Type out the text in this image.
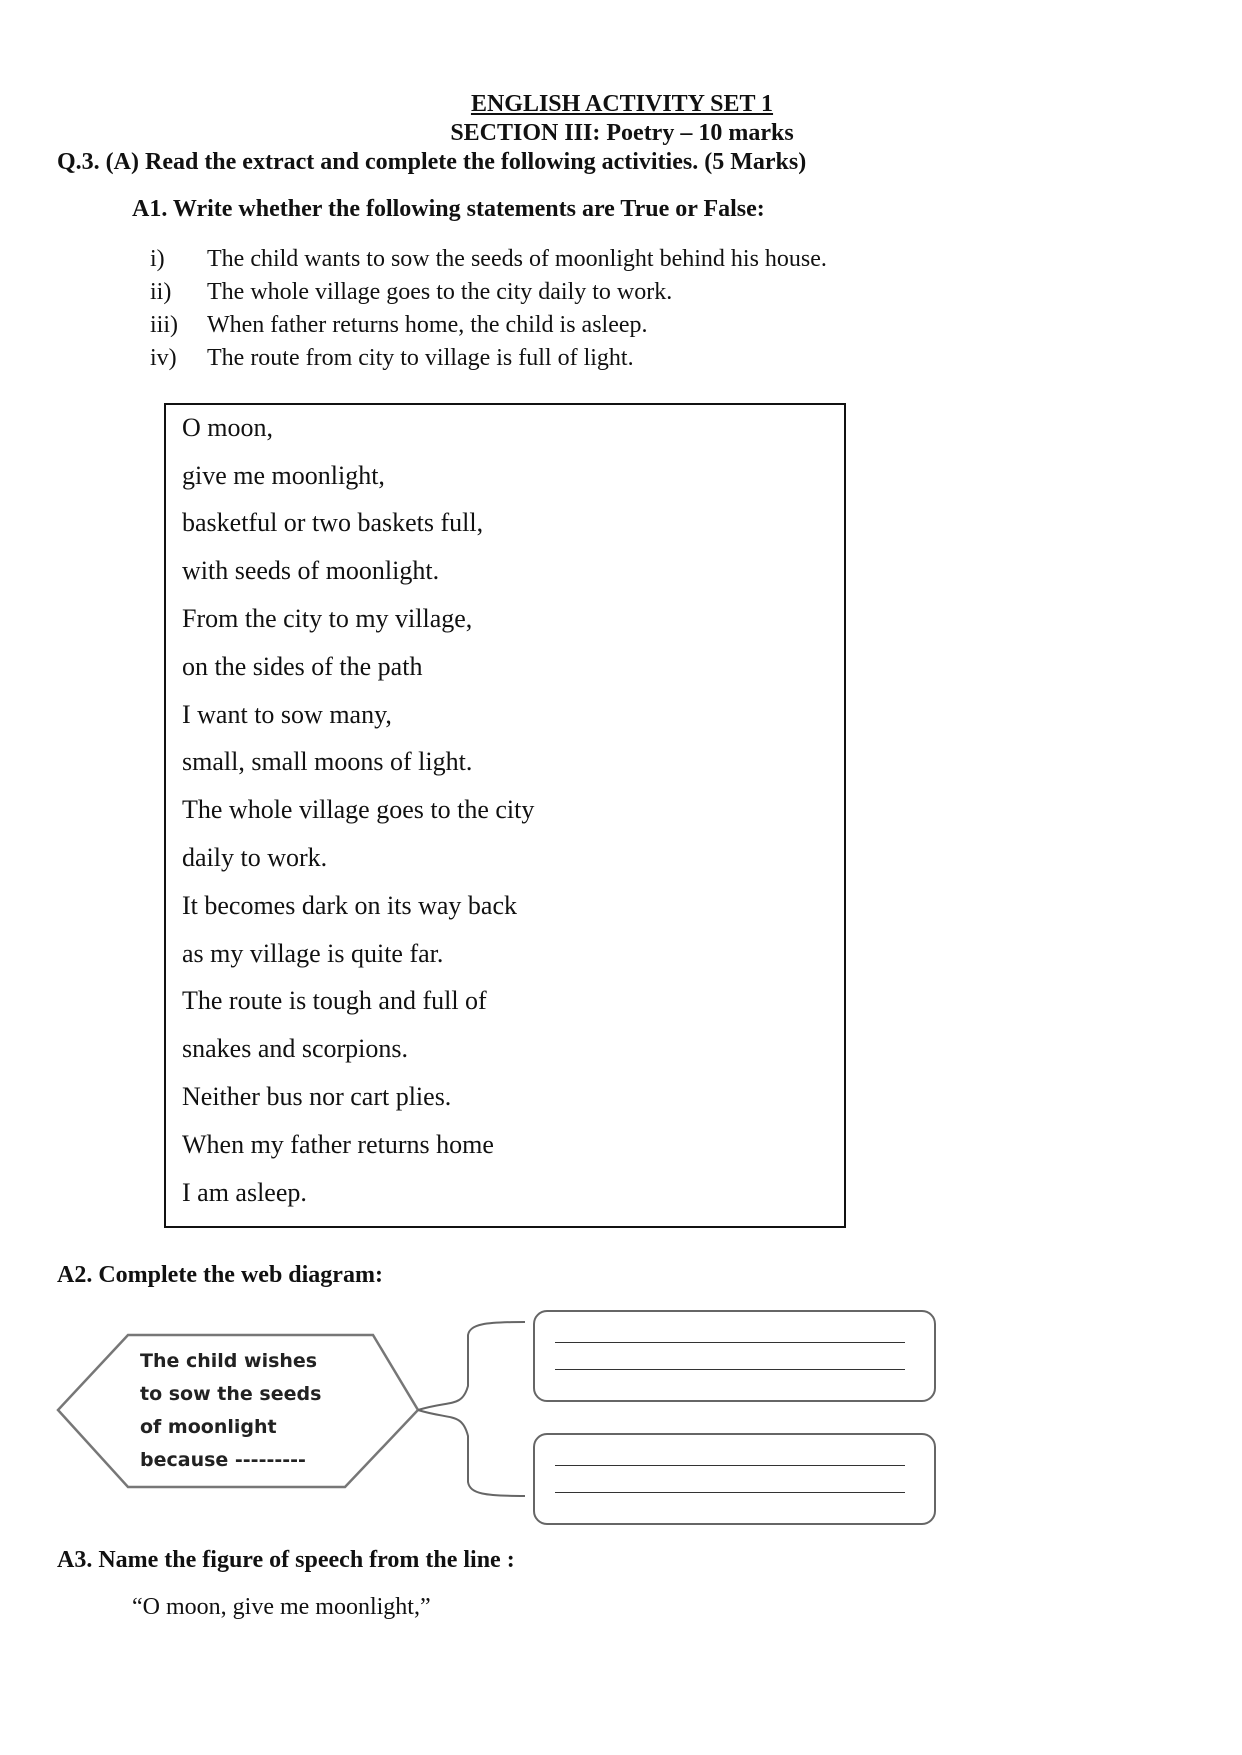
ENGLISH ACTIVITY SET 1
SECTION III: Poetry – 10 marks
Q.3. (A) Read the extract and complete the following activities. (5 Marks)
A1. Write whether the following statements are True or False:
i) The child wants to sow the seeds of moonlight behind his house.
ii) The whole village goes to the city daily to work.
iii) When father returns home, the child is asleep.
iv) The route from city to village is full of light.
O moon,
give me moonlight,
basketful or two baskets full,
with seeds of moonlight.
From the city to my village,
on the sides of the path
I want to sow many,
small, small moons of light.
The whole village goes to the city
daily to work.
It becomes dark on its way back
as my village is quite far.
The route is tough and full of
snakes and scorpions.
Neither bus nor cart plies.
When my father returns home
I am asleep.
A2. Complete the web diagram:
The child wishes
to sow the seeds
of moonlight
because ---------
A3. Name the figure of speech from the line :
“O moon, give me moonlight,”
